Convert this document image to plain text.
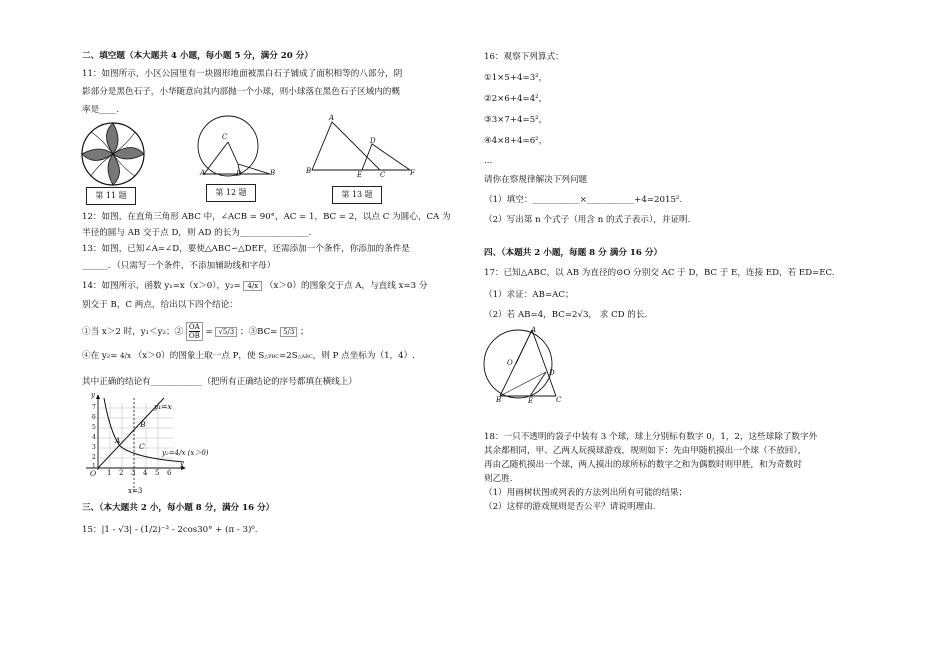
二、填空题（本大题共 4 小题，每小题 5 分，满分 20 分）
11：如图所示，小区公园里有一块圆形地面被黑白石子铺成了面积相等的八部分，阴
影部分是黑色石子，小华随意向其内部抛一个小球，则小球落在黑色石子区域内的概
率是____.
第 11 题
C
A	D	B
第 12 题
A
B
D
E	C	F
第 13 题
12：如图，在直角三角形 ABC 中，∠ACB = 90°，AC = 1，BC = 2，以点 C 为圆心，CA 为
半径的圆与 AB 交于点 D，则 AD 的长为________________.
13：如图，已知∠A=∠D，要使△ABC∽△DEF，还需添加一个条件，你添加的条件是
______．（只需写一个条件，不添加辅助线和字母）
14：如图所示，函数 y₁=x（x＞0），y₂= 4/x （x＞0）的图象交于点 A，与直线 x=3 分
别交于 B，C 两点，给出以下四个结论：
①当 x＞2 时，y₁＜y₂；② $\frac{OA}{OB} = √5/3$ ；③BC= 5/3 ；
④在 y₂= 4/x （x＞0）的图象上取一点 P，使 S△PBC=2S△ABC，则 P 点坐标为（1，4）.
其中正确的结论有____________（把所有正确结论的序号都填在横线上）
y
y₁=x
B
A
C
y₂=4/x (x＞0)
O 1 2 3 4 5 6
x
7
6
5
4
3
2
1
x=3
三、（本大题共 2 小，每小题 8 分，满分 16 分）
15：|1 - √3| - (1/2)⁻³ - 2cos30° + (π - 3)⁰.
16：观察下列算式：
①1×5+4=3²，
②2×6+4=4²，
③3×7+4=5²，
④4×8+4=6²，
...
请你在察规律解决下列问题
（1）填空：___________×___________+4=2015².
（2）写出第 n 个式子（用含 n 的式子表示），并证明.
四、（本题共 2 小题，每题 8 分 满分 16 分）
17：已知△ABC，以 AB 为直径的⊙O 分别交 AC 于 D，BC 于 E，连接 ED，若 ED=EC.
（1）求证：AB=AC；
（2）若 AB=4，BC=2√3， 求 CD 的长.
A
O
D
B	E	C
18：一只不透明的袋子中装有 3 个球，球上分别标有数字 0，1，2，这些球除了数字外
其余都相同，甲、乙两人玩摸球游戏，规则如下：先由甲随机摸出一个球（不放回），
再由乙随机摸出一个球，两人摸出的球所标的数字之和为偶数时则甲胜，和为奇数时
则乙胜.
（1）用画树状图或列表的方法列出所有可能的结果；
（2）这样的游戏规则是否公平？请说明理由.
